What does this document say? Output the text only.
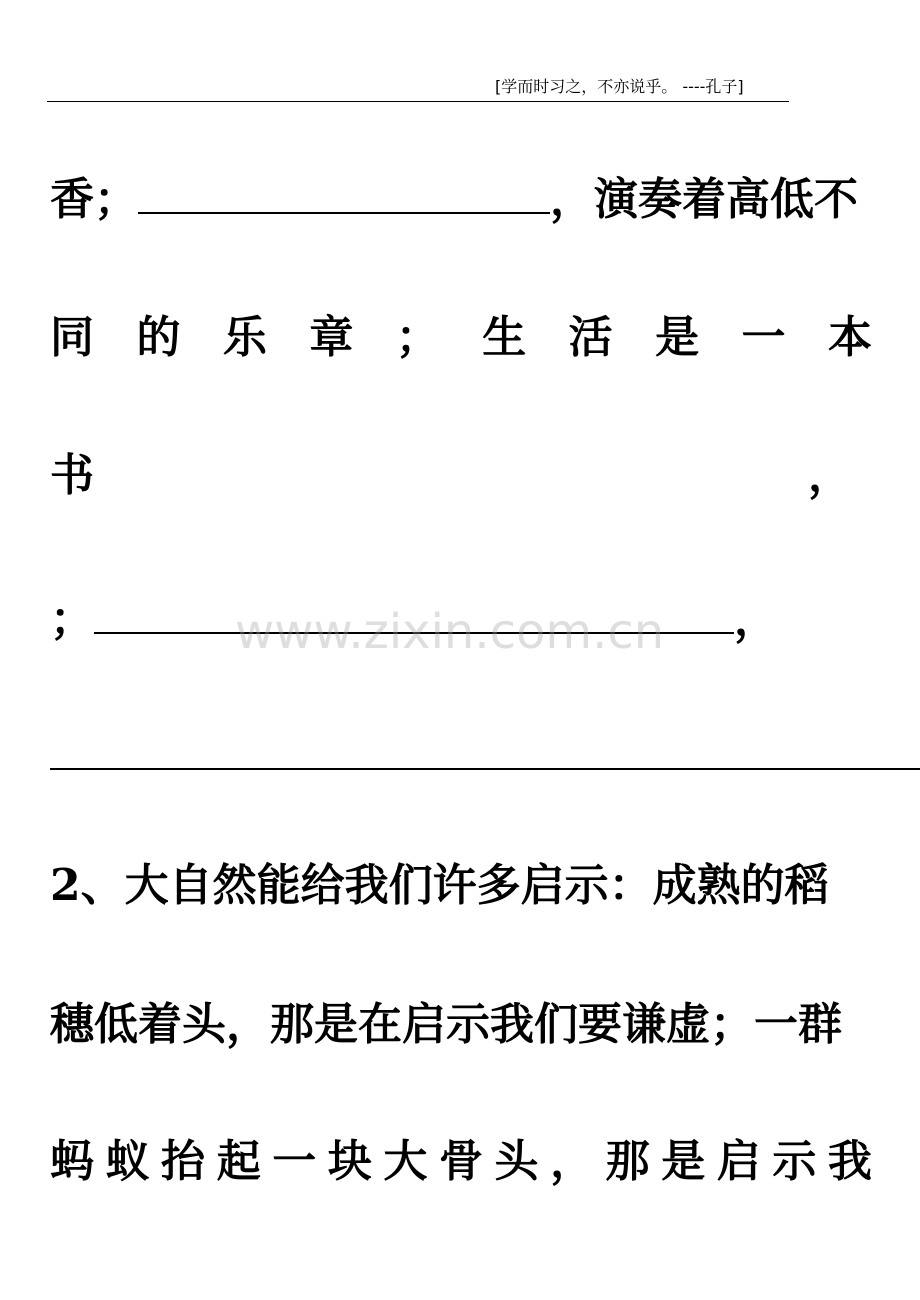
[学而时习之，不亦说乎。 ----孔子]
香；	，演奏着高低不
同 的 乐 章 ； 生 活 是 一 本
书	，
；	，
www.zixin.com.cn
2、大自然能给我们许多启示：成熟的稻
穗低着头，那是在启示我们要谦虚；一群
蚂 蚁 抬 起 一 块 大 骨 头 ， 那 是 启 示 我
